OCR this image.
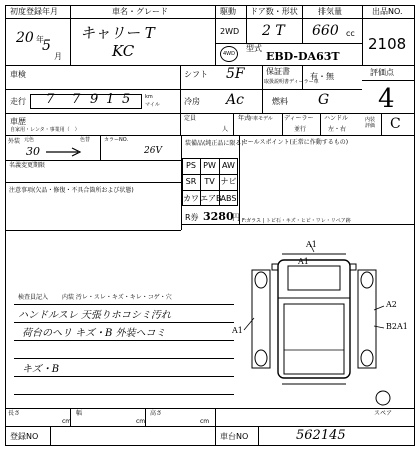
初度登録年月	車名・グレード	駆動 ドア数・形状	排気量	出品NO.
2108
20 年
5
月
キャリー T
KC
2WD 2 T 660 cc
4WD
型式
EBD-DA63T
車検	シフト 5F	保証書
取扱説明書ディーラー車
有・無	評価点
4
走行 7 7 9 1 5	km
マイル	冷房 Ac	燃料 G
車歴
自家用・レンタ・事業用（　）
定員
人
年式
年車モデル ディーラー
並行
ハンドル
左・右
内装評価 C
外装 元色	色替	カラーNO.
30	26V
名義変更期限
注意事項(欠品・修復・不具合箇所および状態)
装備品(純正品に限る)
PS PW AW
SR	TV ナビ
カワ エアB ABS
R券 3280
円
セールスポイント(正常に作動するもの)
F:ガラス | トビ石・キズ・ヒビ・ワレ・リペア跡
検査員記入 内装 汚レ・スレ・キズ・キレ・コゲ・穴
ハンドルスレ 天張りホコシミ汚れ
荷台のヘリ キズ・B 外装ヘコミ
キズ・B
A1
A1
A1
A2
B2A1
スペア
長さ
cm
幅
cm
高さ
cm
登録NO	車台NO	562145
